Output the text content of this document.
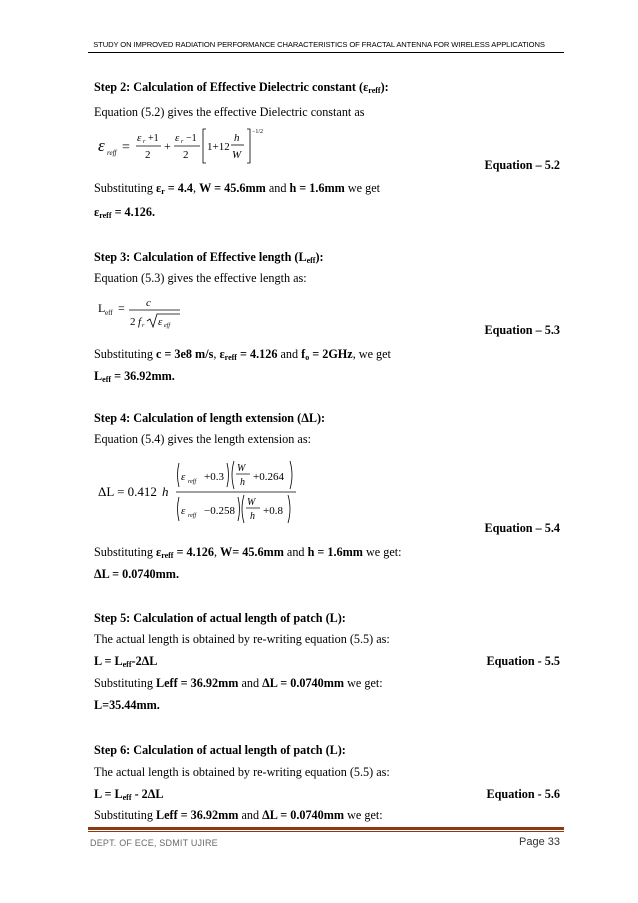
STUDY ON IMPROVED RADIATION PERFORMANCE CHARACTERISTICS OF FRACTAL ANTENNA FOR WIRELESS APPLICATIONS
Step 2: Calculation of Effective Dielectric constant $(\varepsilon_{reff})$:
Equation (5.2) gives the effective Dielectric constant as
ε reff =
ε r +1
2
+
ε r −1
2
1+12
h
W
−1/2
Equation – 5.2
Substituting $\varepsilon_r = 4.4$, W = 45.6mm and h = 1.6mm we get
$\varepsilon_{reff} = 4.126$.
Step 3: Calculation of Effective length $(L_{eff})$:
Equation (5.3) gives the effective length as:
L eff = c
2 f r ε eff	Equation – 5.3
Substituting c = 3e8 m/s, $\varepsilon_{reff} = 4.126$ and $f_o = 2GHz$, we get
$L_{eff} = 36.92mm$.
Step 4: Calculation of length extension (ΔL):
Equation (5.4) gives the length extension as:
ΔL = 0.412 h
ε reff +0.3
W
h +0.264
ε reff −0.258
W
h +0.8
Equation – 5.4
Substituting $\varepsilon_{reff} = 4.126$, W= 45.6mm and h = 1.6mm we get:
ΔL = 0.0740mm.
Step 5: Calculation of actual length of patch (L):
The actual length is obtained by re-writing equation (5.5) as:
$L = L_{eff}-2\Delta L$	Equation - 5.5
Substituting Leff = 36.92mm and ΔL = 0.0740mm we get:
L=35.44mm.
Step 6: Calculation of actual length of patch (L):
The actual length is obtained by re-writing equation (5.5) as:
$L = L_{eff} - 2\Delta L$	Equation - 5.6
Substituting Leff = 36.92mm and ΔL = 0.0740mm we get:
DEPT. OF ECE, SDMIT UJIRE	Page 33
